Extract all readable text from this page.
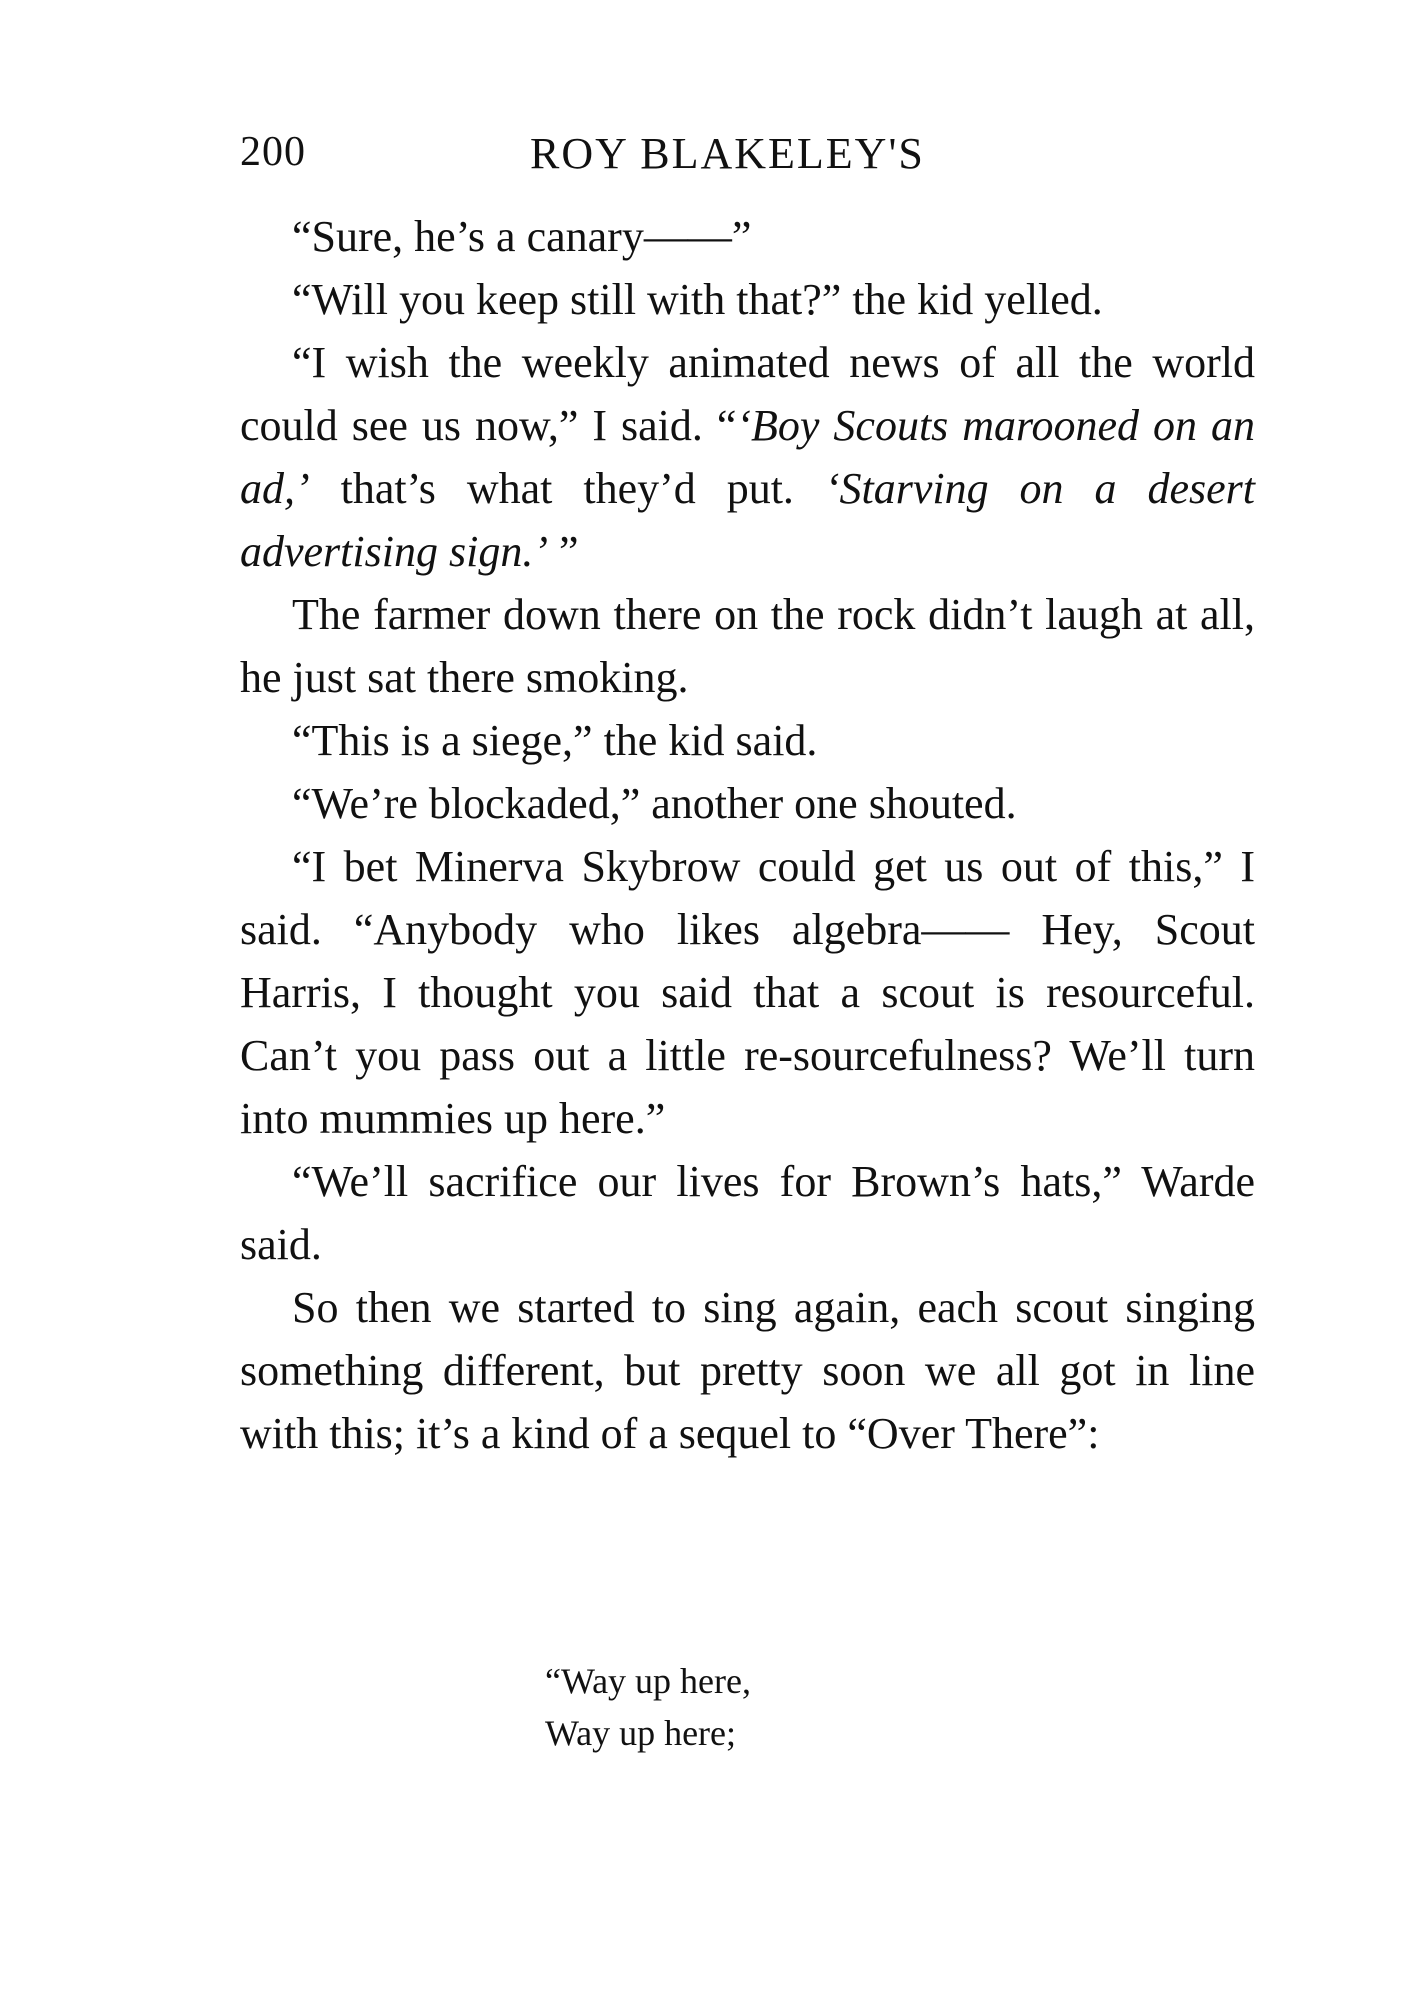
200	ROY BLAKELEY'S

“Sure, he’s a canary——”

“Will you keep still with that?” the kid yelled.

“I wish the weekly animated news of all the world could see us now,” I said. “‘Boy Scouts marooned on an ad,’ that’s what they’d put. ‘Starving on a desert advertising sign.’ ”

The farmer down there on the rock didn’t laugh at all, he just sat there smoking.

“This is a siege,” the kid said.

“We’re blockaded,” another one shouted.

“I bet Minerva Skybrow could get us out of this,” I said. “Anybody who likes algebra—— Hey, Scout Harris, I thought you said that a scout is resourceful. Can’t you pass out a little re-sourcefulness? We’ll turn into mummies up here.”

“We’ll sacrifice our lives for Brown’s hats,” Warde said.

So then we started to sing again, each scout singing something different, but pretty soon we all got in line with this; it’s a kind of a sequel to “Over There”:

“Way up here,
Way up here;
